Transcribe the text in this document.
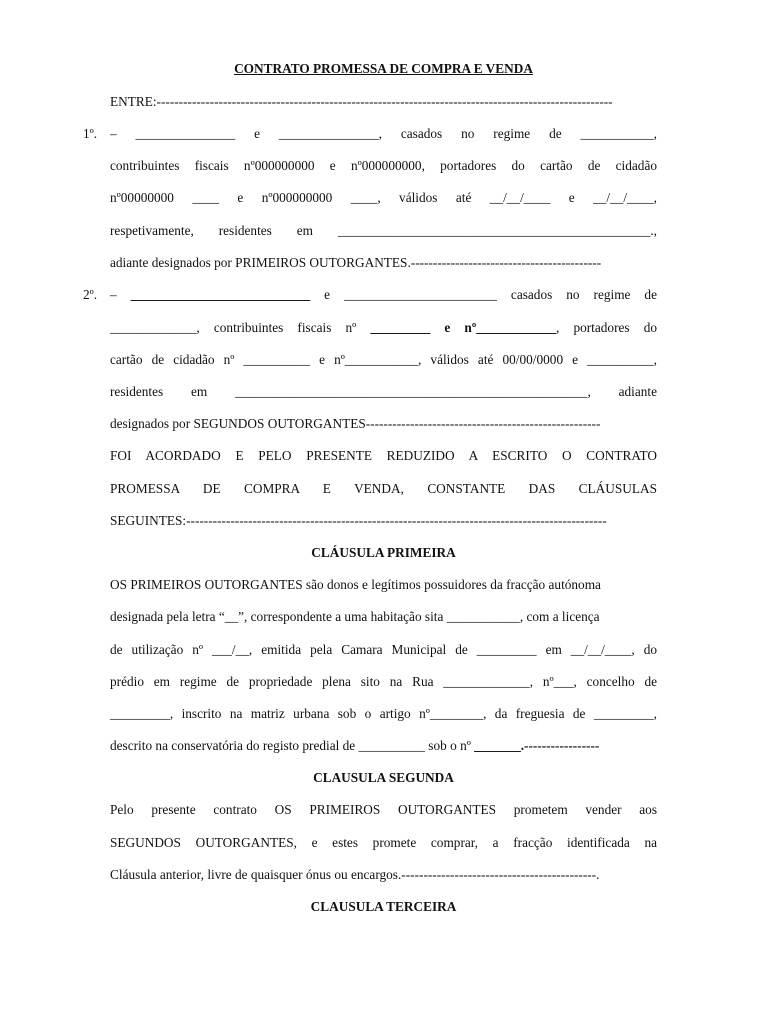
CONTRATO PROMESSA DE COMPRA E VENDA
ENTRE:-------------------------------------------------------------------------------------------------------
1º. – _______________ e _______________, casados no regime de ___________,
contribuintes fiscais nº000000000 e nº000000000, portadores do cartão de cidadão
nº00000000 ____ e nº000000000 ____, válidos até __/__/____ e __/__/____,
respetivamente, residentes em _______________________________________________.,
adiante designados por PRIMEIROS OUTORGANTES.-------------------------------------------
2º. – ___________________________ e _______________________ casados no regime de
_____________, contribuintes fiscais nº _________ e nº____________, portadores do
cartão de cidadão nº __________ e nº___________, válidos até 00/00/0000 e __________,
residentes em _____________________________________________________, adiante
designados por SEGUNDOS OUTORGANTES-----------------------------------------------------
FOI ACORDADO E PELO PRESENTE REDUZIDO A ESCRITO O CONTRATO
PROMESSA DE COMPRA E VENDA, CONSTANTE DAS CLÁUSULAS
SEGUINTES:-----------------------------------------------------------------------------------------------
CLÁUSULA PRIMEIRA
OS PRIMEIROS OUTORGANTES são donos e legítimos possuidores da fracção autónoma
designada pela letra “__”, correspondente a uma habitação sita ___________, com a licença
de utilização nº ___/__, emitida pela Camara Municipal de _________ em __/__/____, do
prédio em regime de propriedade plena sito na Rua _____________, nº___, concelho de
_________, inscrito na matriz urbana sob o artigo nº________, da freguesia de _________,
descrito na conservatória do registo predial de __________ sob o nº _______.-----------------
CLAUSULA SEGUNDA
Pelo presente contrato OS PRIMEIROS OUTORGANTES prometem vender aos
SEGUNDOS OUTORGANTES, e estes promete comprar, a fracção identificada na
Cláusula anterior, livre de quaisquer ónus ou encargos.--------------------------------------------.
CLAUSULA TERCEIRA
